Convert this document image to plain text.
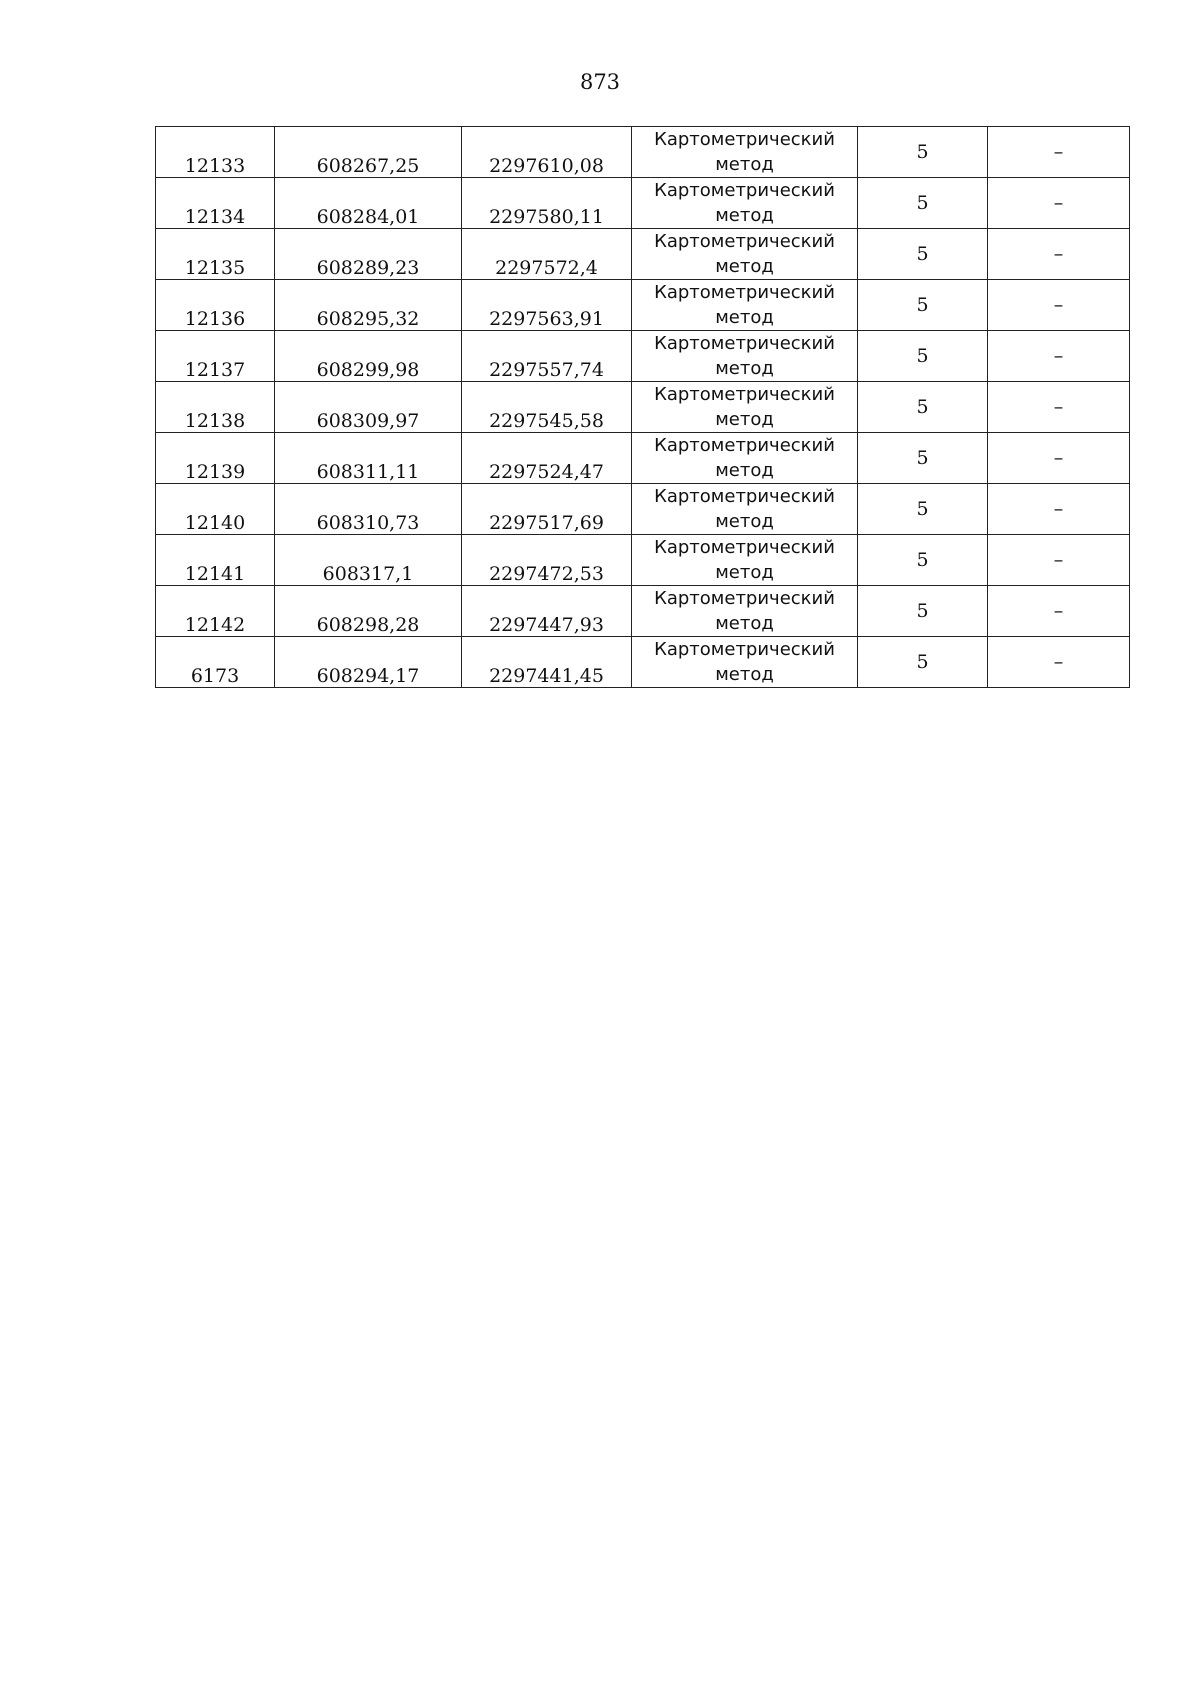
873
12133	608267,25	2297610,08	Картометрический
метод	5	–

12134	608284,01	2297580,11	Картометрический
метод	5	–

12135	608289,23	2297572,4	Картометрический
метод	5	–

12136	608295,32	2297563,91	Картометрический
метод	5	–

12137	608299,98	2297557,74	Картометрический
метод	5	–

12138	608309,97	2297545,58	Картометрический
метод	5	–

12139	608311,11	2297524,47	Картометрический
метод	5	–

12140	608310,73	2297517,69	Картометрический
метод	5	–

12141	608317,1	2297472,53	Картометрический
метод	5	–

12142	608298,28	2297447,93	Картометрический
метод	5	–

6173	608294,17	2297441,45	Картометрический
метод	5	–
